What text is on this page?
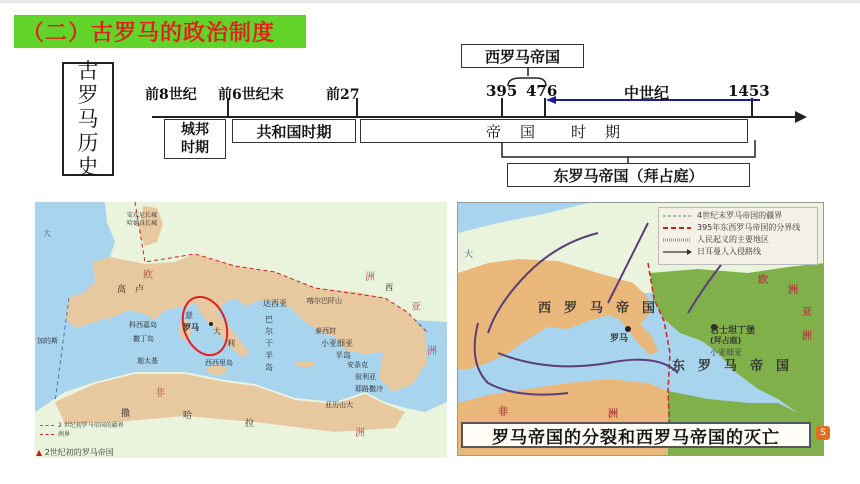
（二）古罗马的政治制度
古
罗
马
历
史
前8世纪 前6世纪末	前27	395 476	1453
西罗马帝国
中世纪
城邦
时期
共和国时期	帝　国　　时　期
东罗马帝国（拜占庭）
大
欧	洲
高　卢
意
罗马 大
利
科西嘉岛
撒丁岛
迦太基	西西里岛
达西亚
巴
尔
干
半
岛
喀尔巴阡山
泰西封
小亚细亚
半岛
安条克
叙利亚
耶路撒冷
亚历山大
亚
洲
非
洲
安东尼长城
哈德良长城
加的斯
撒	哈
拉
西
2 世纪初罗马帝国的疆界
洲界
▲ 2世纪初的罗马帝国
西　罗　马　帝　国
东　罗　马　帝　国
罗马
君士坦丁堡
(拜占庭)
小亚细亚
大
欧
洲
亚
洲
非	洲
4世纪末罗马帝国的疆界
395年东西罗马帝国的分界线
人民起义的主要地区
日耳曼人入侵路线
罗马帝国的分裂和西罗马帝国的灭亡	S
